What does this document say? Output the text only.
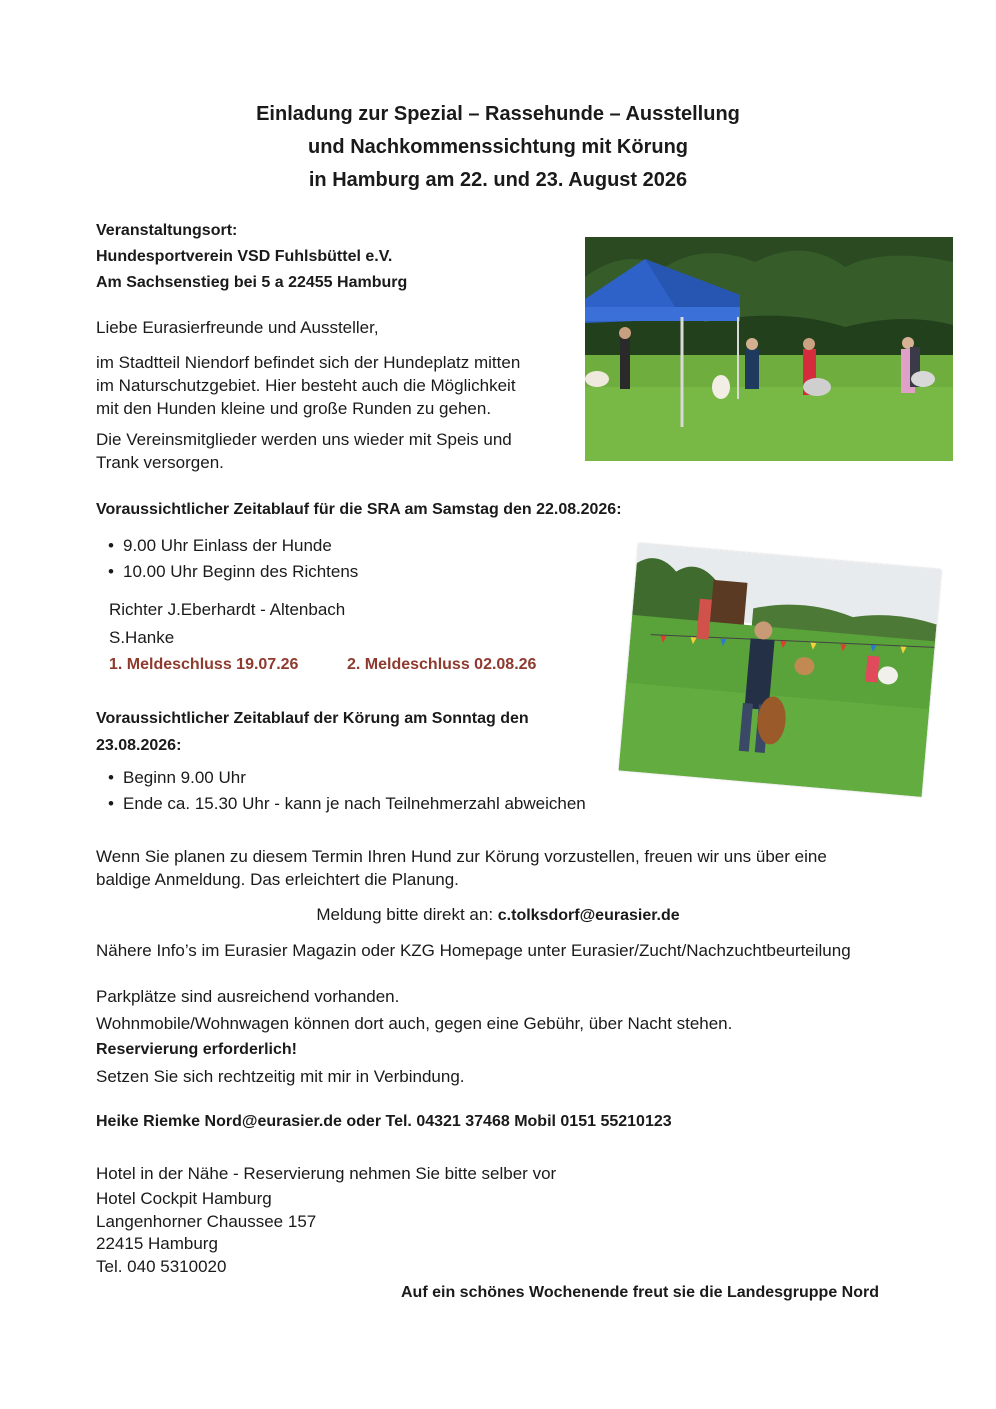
Einladung zur Spezial – Rassehunde – Ausstellung
und Nachkommenssichtung mit Körung
in Hamburg am 22. und 23. August 2026
Veranstaltungsort:
Hundesportverein VSD Fuhlsbüttel e.V.
Am Sachsenstieg bei 5 a 22455 Hamburg
Liebe Eurasierfreunde und Aussteller,
im Stadtteil Niendorf befindet sich der Hundeplatz mitten
im Naturschutzgebiet. Hier besteht auch die Möglichkeit
mit den Hunden kleine und große Runden zu gehen.
Die Vereinsmitglieder werden uns wieder mit Speis und
Trank versorgen.
Voraussichtlicher Zeitablauf für die SRA am Samstag den 22.08.2026:
• 9.00 Uhr Einlass der Hunde
• 10.00 Uhr Beginn des Richtens
Richter J.Eberhardt - Altenbach
S.Hanke
1. Meldeschluss 19.07.26	2. Meldeschluss 02.08.26
Voraussichtlicher Zeitablauf der Körung am Sonntag den
23.08.2026:
• Beginn 9.00 Uhr
• Ende ca. 15.30 Uhr - kann je nach Teilnehmerzahl abweichen
Wenn Sie planen zu diesem Termin Ihren Hund zur Körung vorzustellen, freuen wir uns über eine
baldige Anmeldung. Das erleichtert die Planung.
Meldung bitte direkt an: c.tolksdorf@eurasier.de
Nähere Info’s im Eurasier Magazin oder KZG Homepage unter Eurasier/Zucht/Nachzuchtbeurteilung
Parkplätze sind ausreichend vorhanden.
Wohnmobile/Wohnwagen können dort auch, gegen eine Gebühr, über Nacht stehen.
Reservierung erforderlich!
Setzen Sie sich rechtzeitig mit mir in Verbindung.
Heike Riemke Nord@eurasier.de oder Tel. 04321 37468 Mobil 0151 55210123
Hotel in der Nähe - Reservierung nehmen Sie bitte selber vor
Hotel Cockpit Hamburg
Langenhorner Chaussee 157
22415 Hamburg
Tel. 040 5310020
Auf ein schönes Wochenende freut sie die Landesgruppe Nord
